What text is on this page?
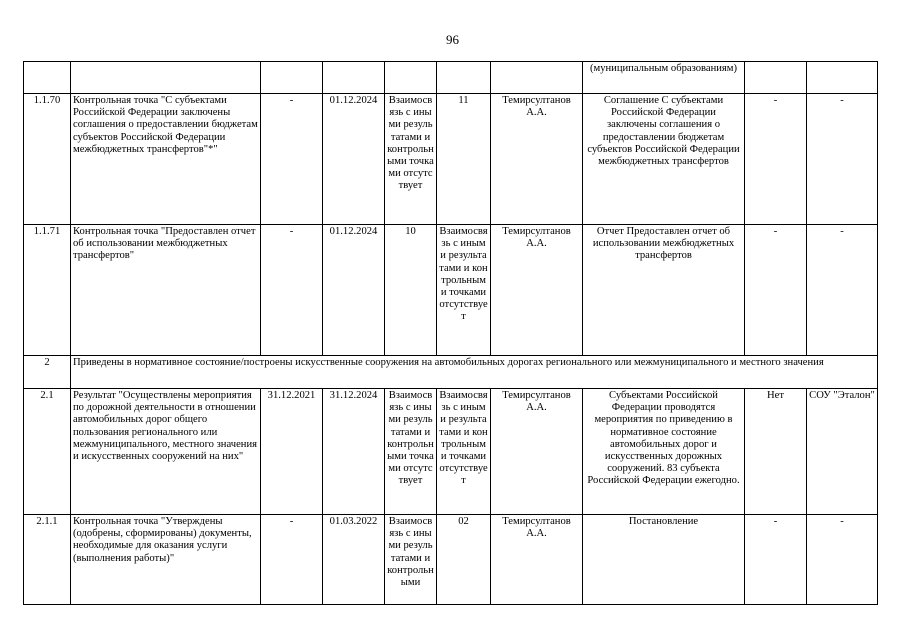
96
							(муниципальным образованиям)		
1.1.70	Контрольная точка "С субъектами Российской Федерации заключены соглашения о предоставлении бюджетам субъектов Российской Федерации межбюджетных трансфертов"*"	-	01.12.2024	Взаимосвязь с иными результатами и контрольными точками отсутствует	11	Темирсултанов А.А.	Соглашение С субъектами Российской Федерации заключены соглашения о предоставлении бюджетам субъектов Российской Федерации межбюджетных трансфертов	-	-
1.1.71	Контрольная точка "Предоставлен отчет об использовании межбюджетных трансфертов"	-	01.12.2024	10	Взаимосвязь с иными результатами и контрольными точками отсутствует	Темирсултанов А.А.	Отчет Предоставлен отчет об использовании межбюджетных трансфертов	-	-
2	Приведены в нормативное состояние/построены искусственные сооружения на автомобильных дорогах регионального или межмуниципального и местного значения								
2.1	Результат "Осуществлены мероприятия по дорожной деятельности в отношении автомобильных дорог общего пользования регионального или межмуниципального, местного значения и искусственных сооружений на них"	31.12.2021	31.12.2024	Взаимосвязь с иными результатами и контрольными точками отсутствует	Взаимосвязь с иными результатами и контрольными точками отсутствует	Темирсултанов А.А.	Субъектами Российской Федерации проводятся мероприятия по приведению в нормативное состояние автомобильных дорог и искусственных дорожных сооружений. 83 субъекта Российской Федерации ежегодно.	Нет	СОУ "Эталон"
2.1.1	Контрольная точка "Утверждены (одобрены, сформированы) документы, необходимые для оказания услуги (выполнения работы)"	-	01.03.2022	Взаимосвязь с иными результатами и контрольными	02	Темирсултанов А.А.	Постановление	-	-
